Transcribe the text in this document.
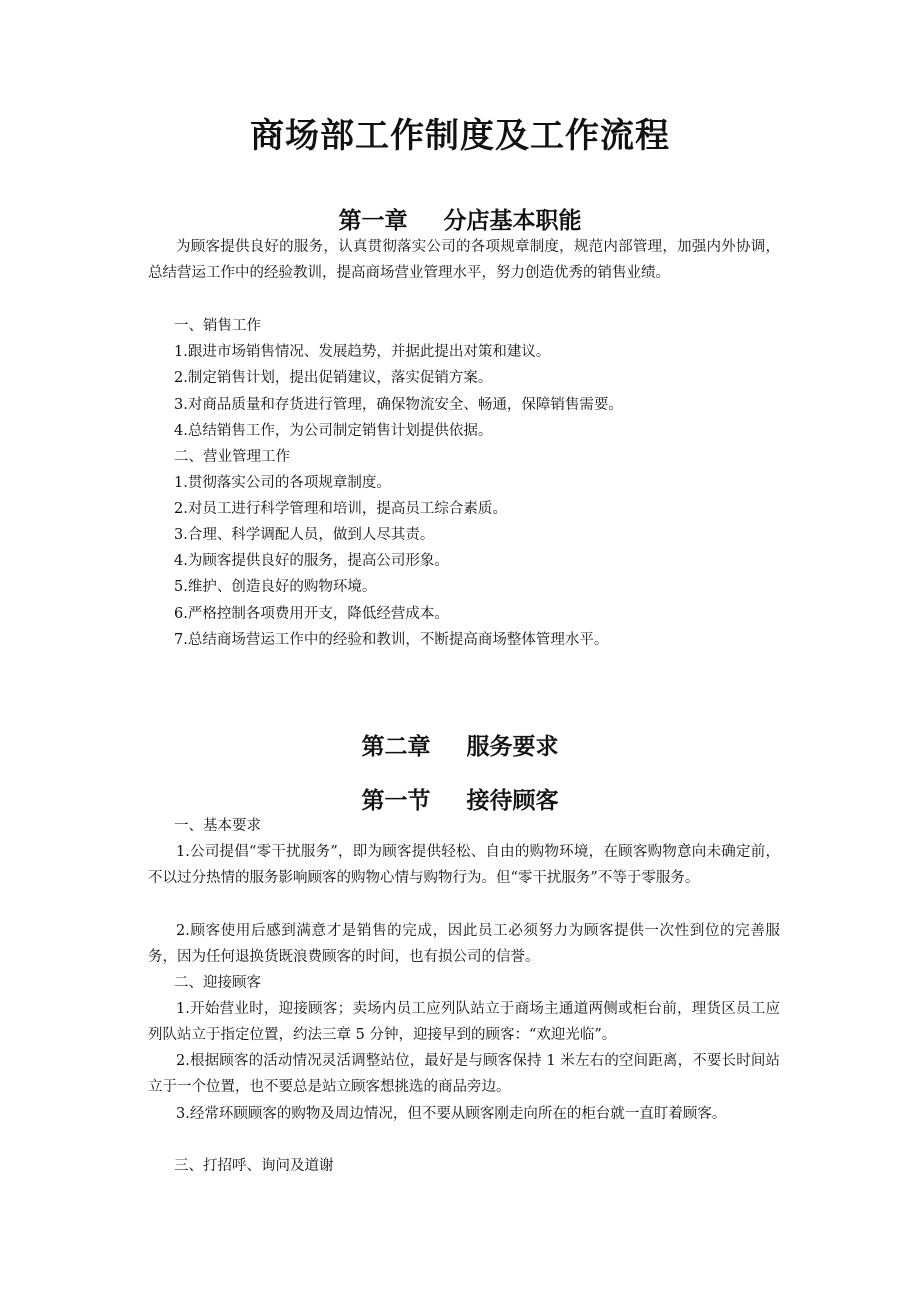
商场部工作制度及工作流程
第一章 分店基本职能

为顾客提供良好的服务，认真贯彻落实公司的各项规章制度，规范内部管理，加强内外协调，总结营运工作中的经验教训，提高商场营业管理水平，努力创造优秀的销售业绩。

一、销售工作

1.跟进市场销售情况、发展趋势，并据此提出对策和建议。

2.制定销售计划，提出促销建议，落实促销方案。

3.对商品质量和存货进行管理，确保物流安全、畅通，保障销售需要。

4.总结销售工作，为公司制定销售计划提供依据。

二、营业管理工作

1.贯彻落实公司的各项规章制度。

2.对员工进行科学管理和培训，提高员工综合素质。

3.合理、科学调配人员，做到人尽其责。

4.为顾客提供良好的服务，提高公司形象。

5.维护、创造良好的购物环境。

6.严格控制各项费用开支，降低经营成本。

7.总结商场营运工作中的经验和教训，不断提高商场整体管理水平。

第二章 服务要求
第一节 接待顾客

一、基本要求

1.公司提倡“零干扰服务”，即为顾客提供轻松、自由的购物环境，在顾客购物意向未确定前，不以过分热情的服务影响顾客的购物心情与购物行为。但“零干扰服务”不等于零服务。

2.顾客使用后感到满意才是销售的完成，因此员工必须努力为顾客提供一次性到位的完善服务，因为任何退换货既浪费顾客的时间，也有损公司的信誉。

二、迎接顾客

1.开始营业时，迎接顾客；卖场内员工应列队站立于商场主通道两侧或柜台前，理货区员工应列队站立于指定位置，约法三章 5 分钟，迎接早到的顾客：“欢迎光临”。

2.根据顾客的活动情况灵活调整站位，最好是与顾客保持 1 米左右的空间距离，不要长时间站立于一个位置，也不要总是站立顾客想挑选的商品旁边。

3.经常环顾顾客的购物及周边情况，但不要从顾客刚走向所在的柜台就一直盯着顾客。

三、打招呼、询问及道谢
